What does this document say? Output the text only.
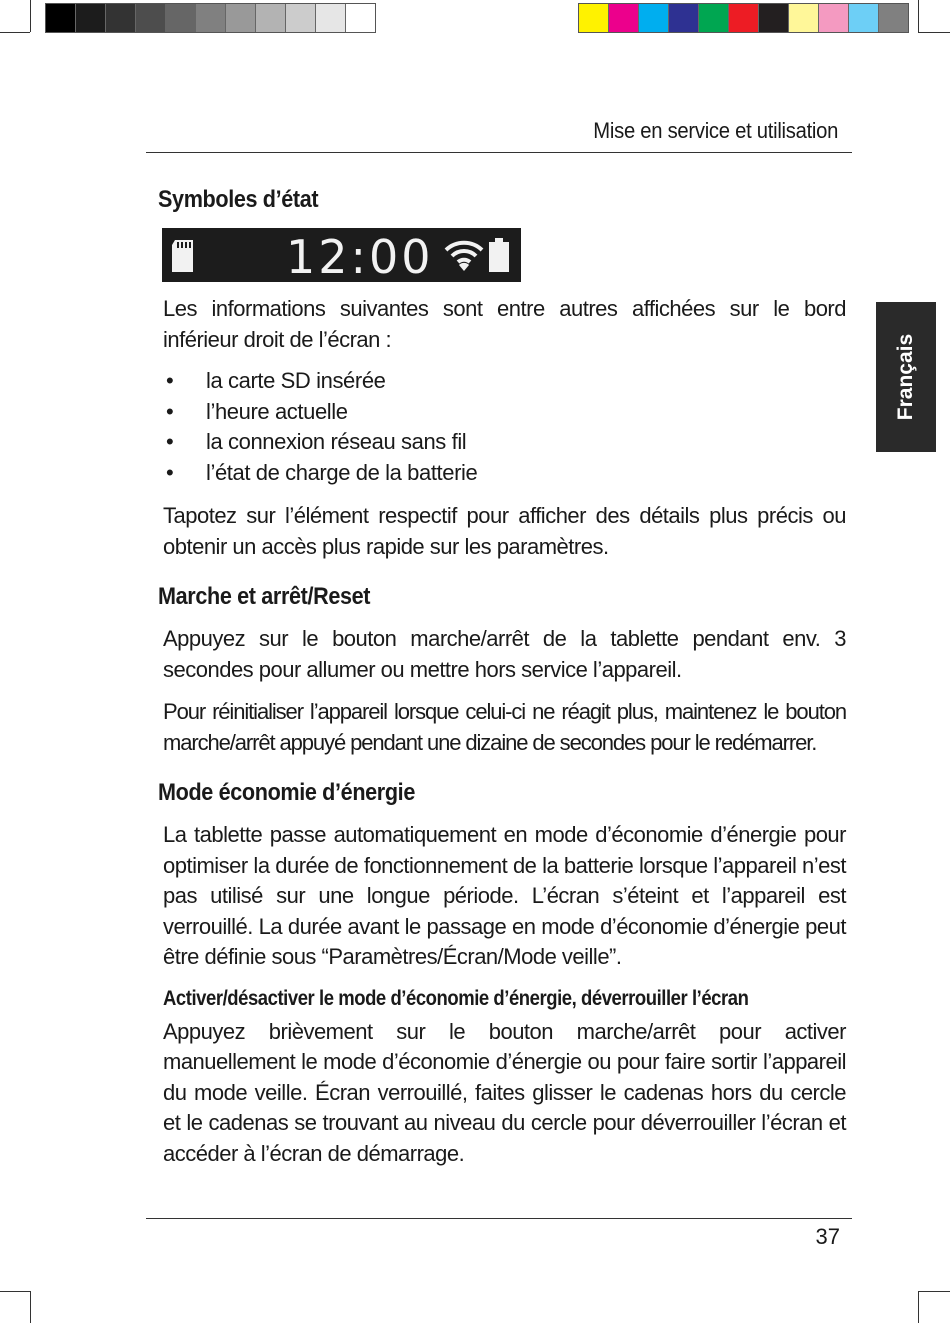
Mise en service et utilisation
Français
Symboles d’état
12:00

Les informations suivantes sont entre autres affichées sur le bord inférieur droit de l’écran :

• la carte SD insérée
• l’heure actuelle
• la connexion réseau sans fil
• l’état de charge de la batterie

Tapotez sur l’élément respectif pour afficher des détails plus précis ou obtenir un accès plus rapide sur les paramètres.

Marche et arrêt/Reset

Appuyez sur le bouton marche/arrêt de la tablette pendant env. 3 secondes pour allumer ou mettre hors service l’appareil.

Pour réinitialiser l’appareil lorsque celui-ci ne réagit plus, maintenez le bouton marche/arrêt appuyé pendant une dizaine de secondes pour le redémarrer.

Mode économie d’énergie

La tablette passe automatiquement en mode d’économie d’énergie pour optimiser la durée de fonctionnement de la batterie lorsque l’appareil n’est pas utilisé sur une longue période. L’écran s’éteint et l’appareil est verrouillé. La durée avant le passage en mode d’économie d’énergie peut être définie sous “Paramètres/Écran/Mode veille”.

Activer/désactiver le mode d’économie d’énergie, déverrouiller l’écran

Appuyez brièvement sur le bouton marche/arrêt pour activer manuellement le mode d’économie d’énergie ou pour faire sortir l’appareil du mode veille. Écran verrouillé, faites glisser le cadenas hors du cercle et le cadenas se trouvant au niveau du cercle pour déverrouiller l’écran et accéder à l’écran de démarrage.

37
